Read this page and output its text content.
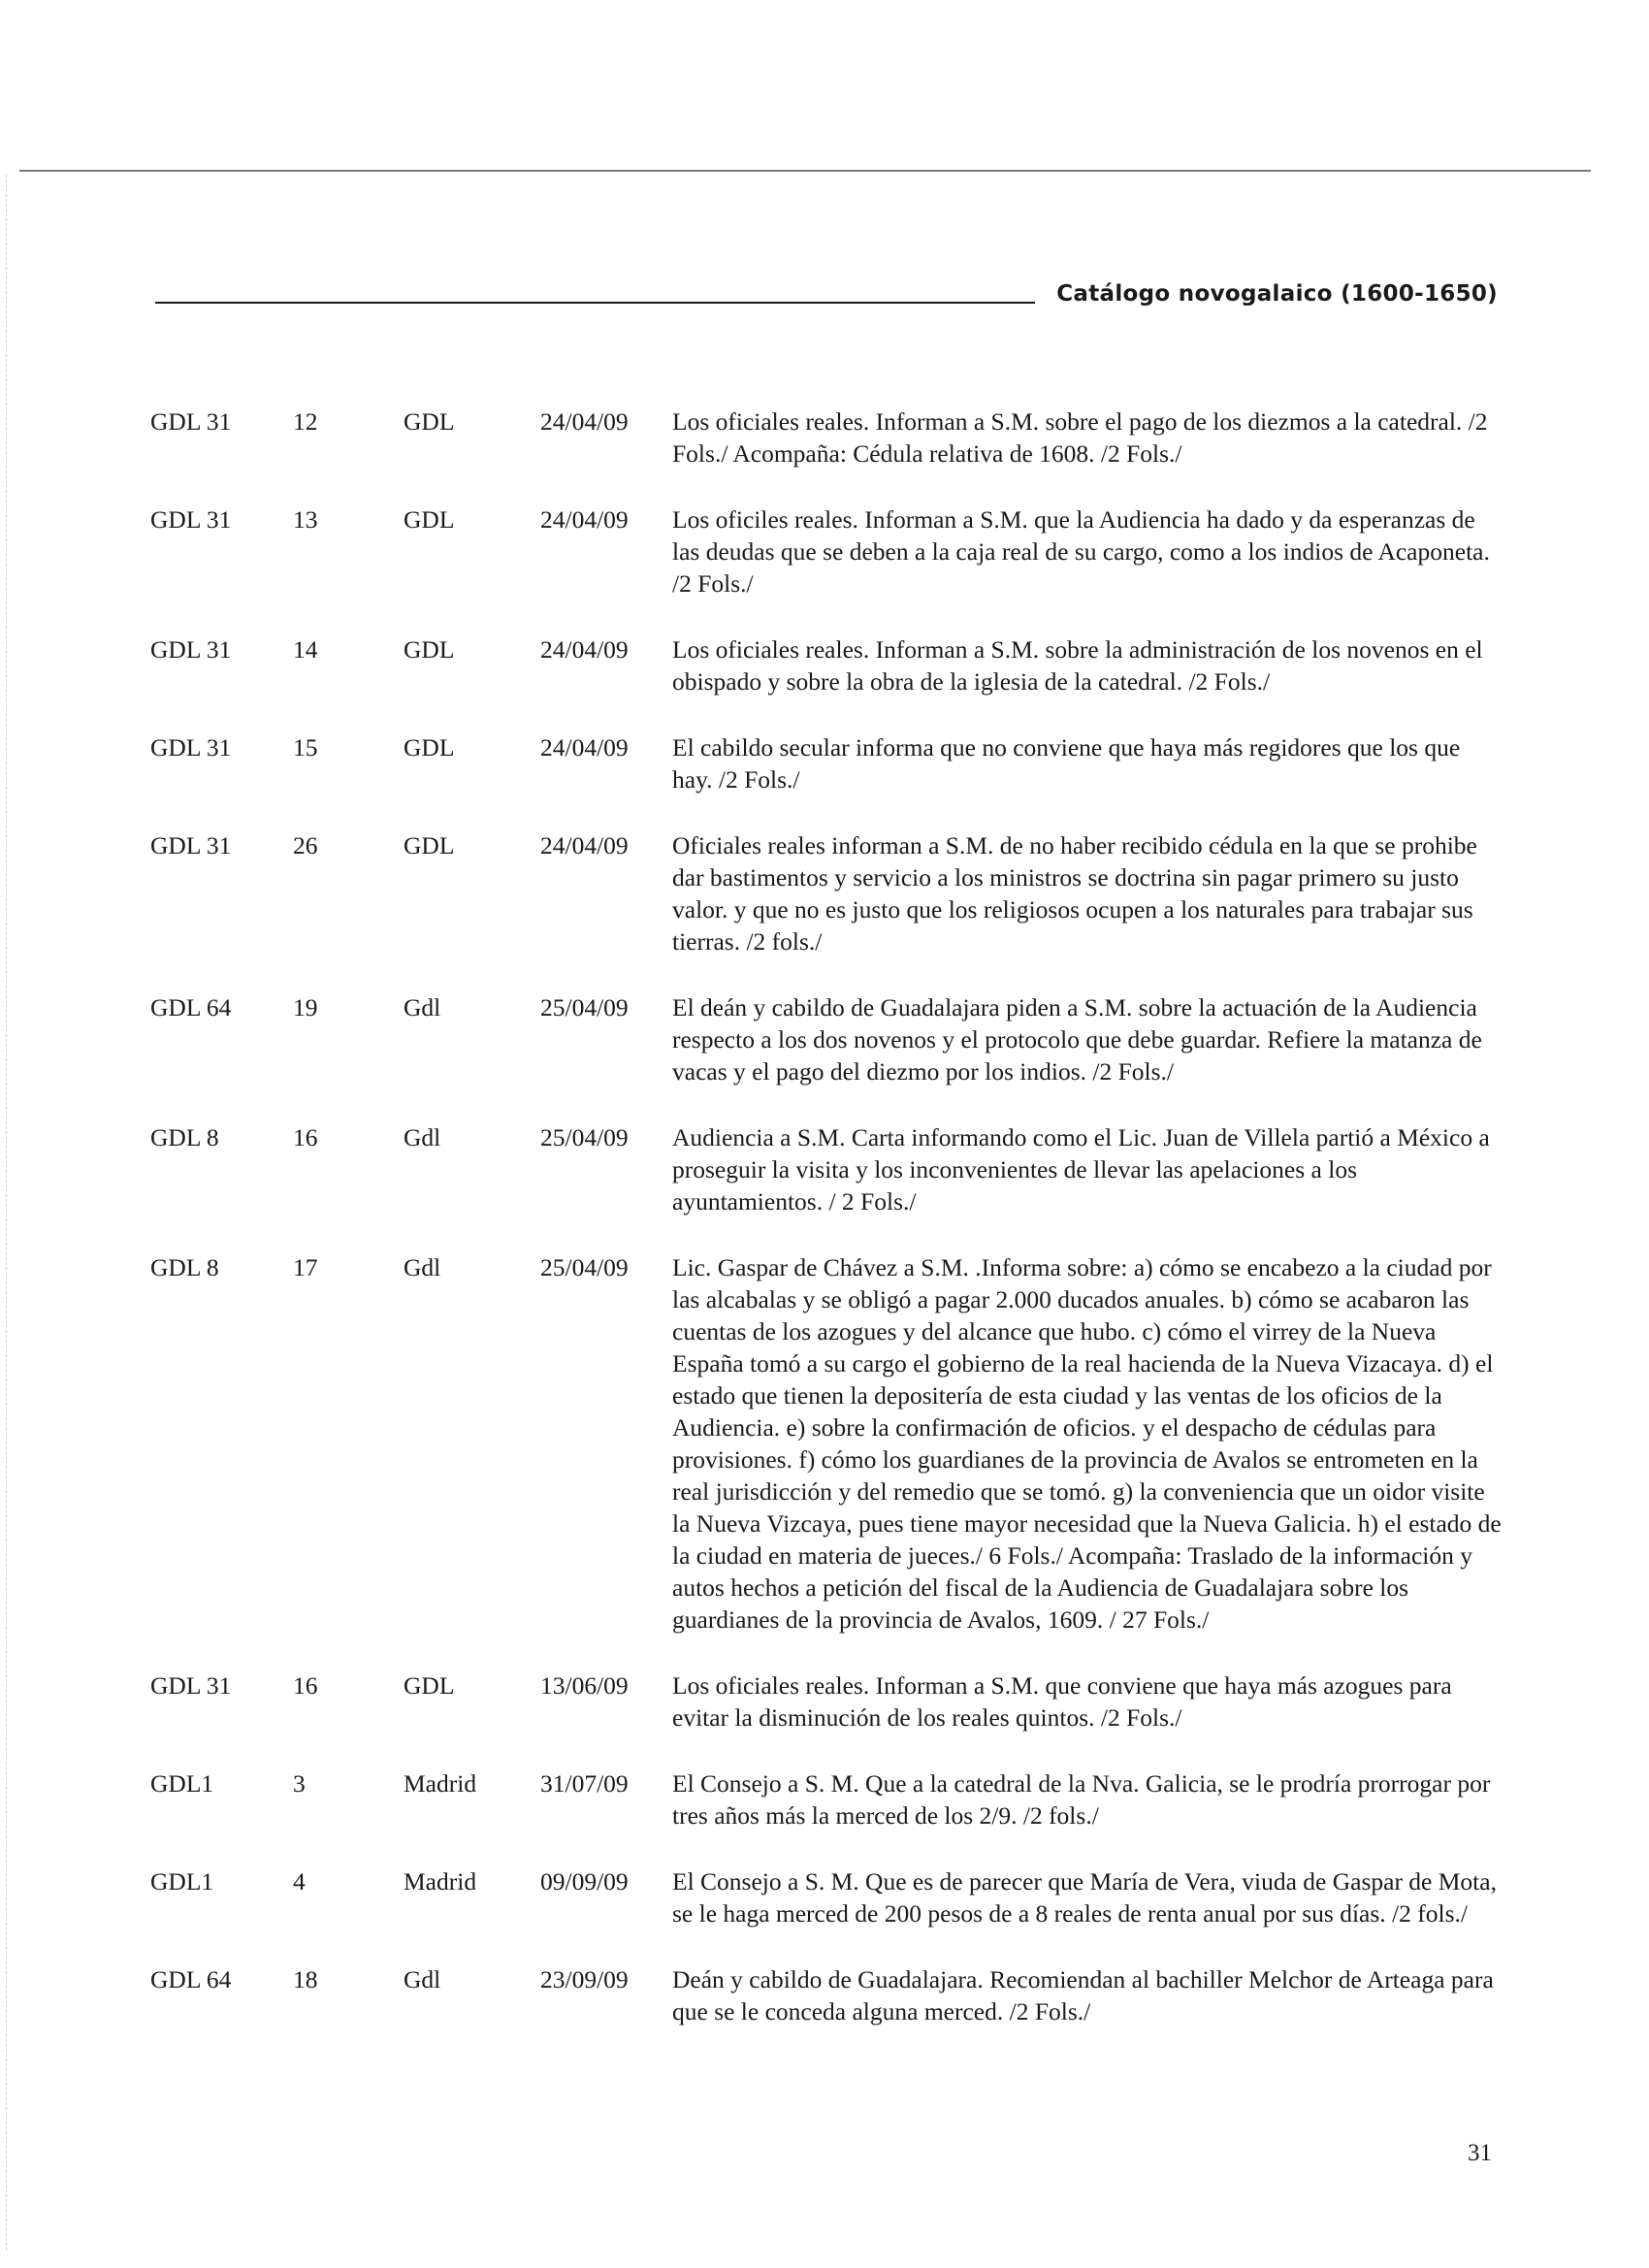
Catálogo novogalaico (1600-1650)
GDL 31	12	GDL	24/04/09	Los oficiales reales. Informan a S.M. sobre el pago de los diezmos a la catedral. /2 Fols./ Acompaña: Cédula relativa de 1608. /2 Fols./
GDL 31	13	GDL	24/04/09	Los oficiles reales. Informan a S.M. que la Audiencia ha dado y da esperanzas de las deudas que se deben a la caja real de su cargo, como a los indios de Acaponeta. /2 Fols./
GDL 31	14	GDL	24/04/09	Los oficiales reales. Informan a S.M. sobre la administración de los novenos en el obispado y sobre la obra de la iglesia de la catedral. /2 Fols./
GDL 31	15	GDL	24/04/09	El cabildo secular informa que no conviene que haya más regidores que los que hay. /2 Fols./
GDL 31	26	GDL	24/04/09	Oficiales reales informan a S.M. de no haber recibido cédula en la que se prohibe dar bastimentos y servicio a los ministros se doctrina sin pagar primero su justo valor. y que no es justo que los religiosos ocupen a los naturales para trabajar sus tierras. /2 fols./
GDL 64	19	Gdl	25/04/09	El deán y cabildo de Guadalajara piden a S.M. sobre la actuación de la Audiencia respecto a los dos novenos y el protocolo que debe guardar. Refiere la matanza de vacas y el pago del diezmo por los indios. /2 Fols./
GDL 8	16	Gdl	25/04/09	Audiencia a S.M. Carta informando como el Lic. Juan de Villela partió a México a proseguir la visita y los inconvenientes de llevar las apelaciones a los ayuntamientos. / 2 Fols./
GDL 8	17	Gdl	25/04/09	Lic. Gaspar de Chávez a S.M. .Informa sobre: a) cómo se encabezo a la ciudad por las alcabalas y se obligó a pagar 2.000 ducados anuales. b) cómo se acabaron las cuentas de los azogues y del alcance que hubo. c) cómo el virrey de la Nueva España tomó a su cargo el gobierno de la real hacienda de la Nueva Vizacaya. d) el estado que tienen la depositería de esta ciudad y las ventas de los oficios de la Audiencia. e) sobre la confirmación de oficios. y el despacho de cédulas para provisiones. f) cómo los guardianes de la provincia de Avalos se entrometen en la real jurisdicción y del remedio que se tomó. g) la conveniencia que un oidor visite la Nueva Vizcaya, pues tiene mayor necesidad que la Nueva Galicia. h) el estado de la ciudad en materia de jueces./ 6 Fols./ Acompaña: Traslado de la información y autos hechos a petición del fiscal de la Audiencia de Guadalajara sobre los guardianes de la provincia de Avalos, 1609. / 27 Fols./
GDL 31	16	GDL	13/06/09	Los oficiales reales. Informan a S.M. que conviene que haya más azogues para evitar la disminución de los reales quintos. /2 Fols./
GDL1	3	Madrid	31/07/09	El Consejo a S. M. Que a la catedral de la Nva. Galicia, se le prodría prorrogar por tres años más la merced de los 2/9. /2 fols./
GDL1	4	Madrid	09/09/09	El Consejo a S. M. Que es de parecer que María de Vera, viuda de Gaspar de Mota, se le haga merced de 200 pesos de a 8 reales de renta anual por sus días. /2 fols./
GDL 64	18	Gdl	23/09/09	Deán y cabildo de Guadalajara. Recomiendan al bachiller Melchor de Arteaga para que se le conceda alguna merced. /2 Fols./
31
